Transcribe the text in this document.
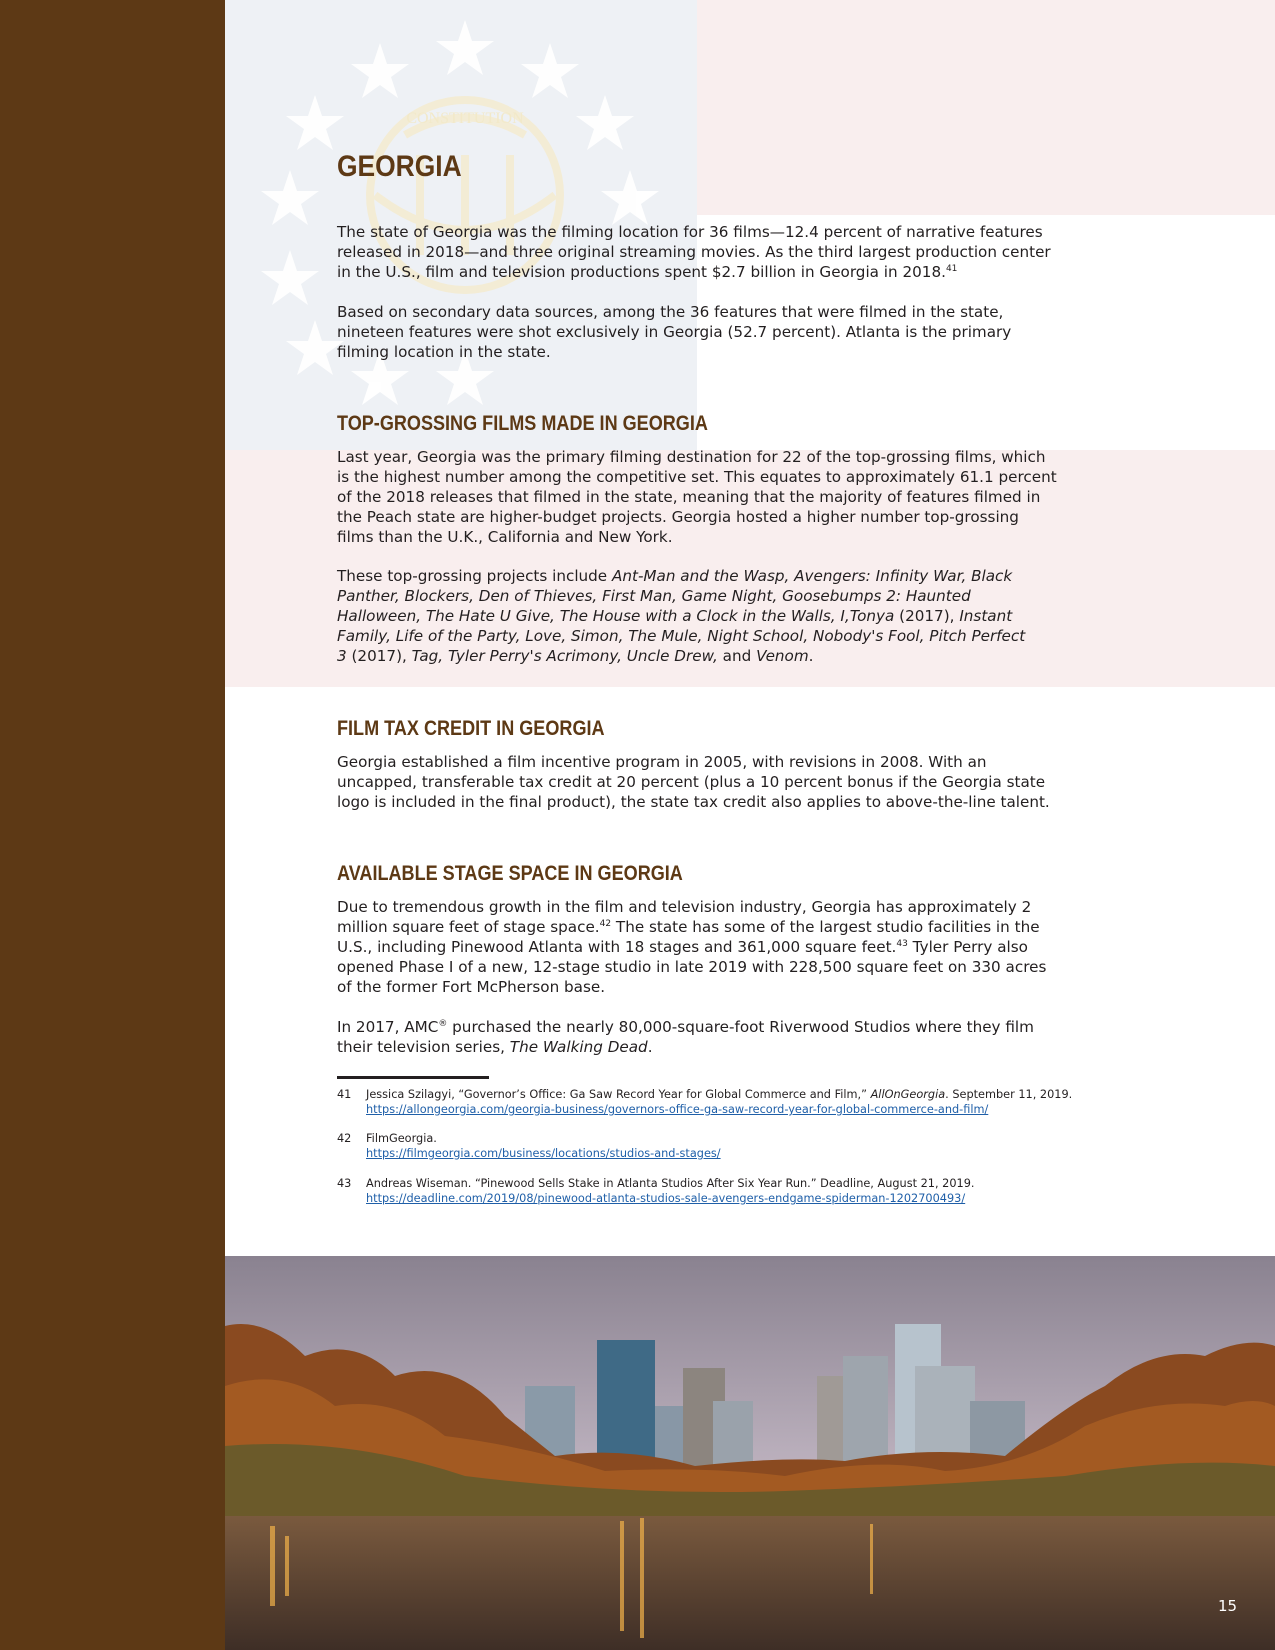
CONSTITUTION
GEORGIA

The state of Georgia was the filming location for 36 films—12.4 percent of narrative features released in 2018—and three original streaming movies. As the third largest production center in the U.S., film and television productions spent $2.7 billion in Georgia in 2018.41

Based on secondary data sources, among the 36 features that were filmed in the state, nineteen features were shot exclusively in Georgia (52.7 percent). Atlanta is the primary filming location in the state.

TOP-GROSSING FILMS MADE IN GEORGIA

Last year, Georgia was the primary filming destination for 22 of the top-grossing films, which is the highest number among the competitive set. This equates to approximately 61.1 percent of the 2018 releases that filmed in the state, meaning that the majority of features filmed in the Peach state are higher-budget projects. Georgia hosted a higher number top-grossing films than the U.K., California and New York.

These top-grossing projects include Ant-Man and the Wasp, Avengers: Infinity War, Black Panther, Blockers, Den of Thieves, First Man, Game Night, Goosebumps 2: Haunted Halloween, The Hate U Give, The House with a Clock in the Walls, I,Tonya (2017), Instant Family, Life of the Party, Love, Simon, The Mule, Night School, Nobody's Fool, Pitch Perfect 3 (2017), Tag, Tyler Perry's Acrimony, Uncle Drew, and Venom.

FILM TAX CREDIT IN GEORGIA

Georgia established a film incentive program in 2005, with revisions in 2008. With an uncapped, transferable tax credit at 20 percent (plus a 10 percent bonus if the Georgia state logo is included in the final product), the state tax credit also applies to above-the-line talent.

AVAILABLE STAGE SPACE IN GEORGIA

Due to tremendous growth in the film and television industry, Georgia has approximately 2 million square feet of stage space.$^{42}$ The state has some of the largest studio facilities in the U.S., including Pinewood Atlanta with 18 stages and 361,000 square feet.$^{43}$ Tyler Perry also opened Phase I of a new, 12-stage studio in late 2019 with 228,500 square feet on 330 acres of the former Fort McPherson base.

In 2017, AMC® purchased the nearly 80,000-square-foot Riverwood Studios where they film their television series, The Walking Dead.

41 Jessica Szilagyi, “Governor’s Office: Ga Saw Record Year for Global Commerce and Film,” AllOnGeorgia. September 11, 2019.
https://allongeorgia.com/georgia-business/governors-office-ga-saw-record-year-for-global-commerce-and-film/
42 FilmGeorgia.
https://filmgeorgia.com/business/locations/studios-and-stages/
43 Andreas Wiseman. “Pinewood Sells Stake in Atlanta Studios After Six Year Run.” Deadline, August 21, 2019.
https://deadline.com/2019/08/pinewood-atlanta-studios-sale-avengers-endgame-spiderman-1202700493/
15
